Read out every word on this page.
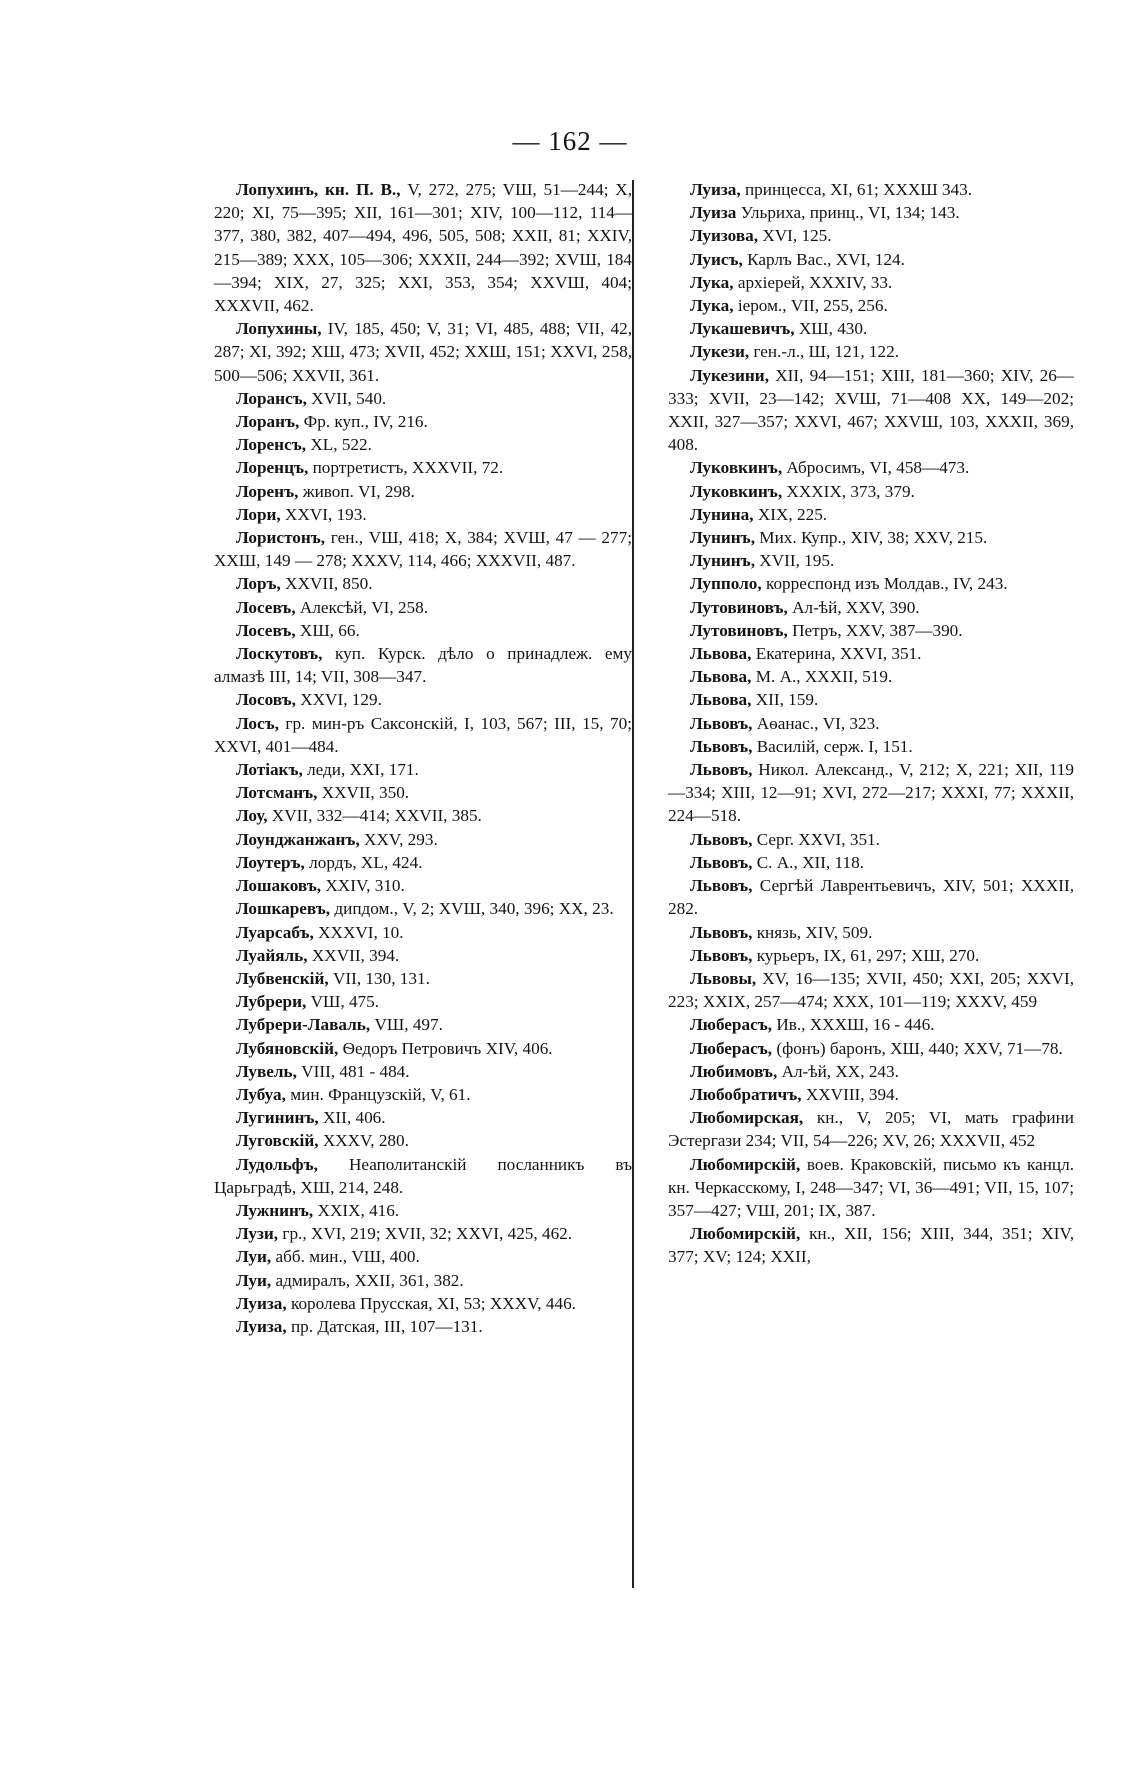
— 162 —

Лопухинъ, кн. П. В., V, 272, 275; VШ, 51—244; X, 220; XI, 75—395; XII, 161—301; XIV, 100—112, 114—377, 380, 382, 407—494, 496, 505, 508; XXII, 81; XXIV, 215—389; XXX, 105—306; XXXII, 244—392; XVШ, 184—394; XIX, 27, 325; XXI, 353, 354; XXVШ, 404; XXXVII, 462.

Лопухины, IV, 185, 450; V, 31; VI, 485, 488; VII, 42, 287; XI, 392; XШ, 473; XVII, 452; XXШ, 151; XXVI, 258, 500—506; XXVII, 361.

Лорансъ, XVII, 540.

Лоранъ, Фр. куп., IV, 216.

Лоренсъ, XL, 522.

Лоренцъ, портретистъ, XXXVII, 72.

Лоренъ, живоп. VI, 298.

Лори, XXVI, 193.

Лористонъ, ген., VШ, 418; X, 384; XVШ, 47 — 277; XXШ, 149 — 278; XXXV, 114, 466; XXXVII, 487.

Лоръ, XXVII, 850.

Лосевъ, Алексѣй, VI, 258.

Лосевъ, XШ, 66.

Лоскутовъ, куп. Курск. дѣло о принадлеж. ему алмазѣ III, 14; VII, 308—347.

Лосовъ, XXVI, 129.

Лосъ, гр. мин-ръ Саксонскій, I, 103, 567; III, 15, 70; XXVI, 401—484.

Лотіакъ, леди, XXI, 171.

Лотсманъ, XXVII, 350.

Лоу, XVII, 332—414; XXVII, 385.

Лоунджанжанъ, XXV, 293.

Лоутеръ, лордъ, XL, 424.

Лошаковъ, XXIV, 310.

Лошкаревъ, дипдом., V, 2; XVШ, 340, 396; XX, 23.

Луарсабъ, XXXVI, 10.

Луайяль, XXVII, 394.

Лубвенскій, VII, 130, 131.

Лубрери, VШ, 475.

Лубрери-Лаваль, VШ, 497.

Лубяновскій, Ѳедоръ Петровичъ XIV, 406.

Лувель, VIII, 481 - 484.

Лубуа, мин. Французскій, V, 61.

Лугининъ, XII, 406.

Луговскій, XXXV, 280.

Лудольфъ, Неаполитанскій посланникъ въ Царьградѣ, XШ, 214, 248.

Лужнинъ, XXIX, 416.

Лузи, гр., XVI, 219; XVII, 32; XXVI, 425, 462.

Луи, абб. мин., VШ, 400.

Луи, адмиралъ, XXII, 361, 382.

Луиза, королева Прусская, XI, 53; XXXV, 446.

Луиза, пр. Датская, III, 107—131.

Луиза, принцесса, XI, 61; XXXШ 343.

Луиза Ульриха, принц., VI, 134; 143.

Луизова, XVI, 125.

Луисъ, Карлъ Вас., XVI, 124.

Лука, архіерей, XXXIV, 33.

Лука, іером., VII, 255, 256.

Лукашевичъ, XШ, 430.

Лукези, ген.-л., Ш, 121, 122.

Лукезини, XII, 94—151; XIII, 181—360; XIV, 26—333; XVII, 23—142; XVШ, 71—408 XX, 149—202; XXII, 327—357; XXVI, 467; XXVШ, 103, XXXII, 369, 408.

Луковкинъ, Абросимъ, VI, 458—473.

Луковкинъ, XXXIX, 373, 379.

Лунина, XIX, 225.

Лунинъ, Мих. Купр., XIV, 38; XXV, 215.

Лунинъ, XVII, 195.

Лупполо, корреспонд изъ Молдав., IV, 243.

Лутовиновъ, Ал-ѣй, XXV, 390.

Лутовиновъ, Петръ, XXV, 387—390.

Львова, Екатерина, XXVI, 351.

Львова, М. А., XXXII, 519.

Львова, XII, 159.

Львовъ, Аѳанас., VI, 323.

Львовъ, Василій, серж. I, 151.

Львовъ, Никол. Александ., V, 212; X, 221; XII, 119—334; XIII, 12—91; XVI, 272—217; XXXI, 77; XXXII, 224—518.

Львовъ, Серг. XXVI, 351.

Львовъ, С. А., XII, 118.

Львовъ, Сергѣй Лаврентьевичъ, XIV, 501; XXXII, 282.

Львовъ, князь, XIV, 509.

Львовъ, курьеръ, IX, 61, 297; XШ, 270.

Львовы, XV, 16—135; XVII, 450; XXI, 205; XXVI, 223; XXIX, 257—474; XXX, 101—119; XXXV, 459

Люберасъ, Ив., XXXШ, 16 - 446.

Люберасъ, (фонъ) баронъ, XШ, 440; XXV, 71—78.

Любимовъ, Ал-ѣй, XX, 243.

Любобратичъ, XXVIII, 394.

Любомирская, кн., V, 205; VI, мать графини Эстергази 234; VII, 54—226; XV, 26; XXXVII, 452

Любомирскій, воев. Краковскій, письмо къ канцл. кн. Черкасскому, I, 248—347; VI, 36—491; VII, 15, 107; 357—427; VШ, 201; IX, 387.

Любомирскій, кн., XII, 156; XIII, 344, 351; XIV, 377; XV; 124; XXII,
